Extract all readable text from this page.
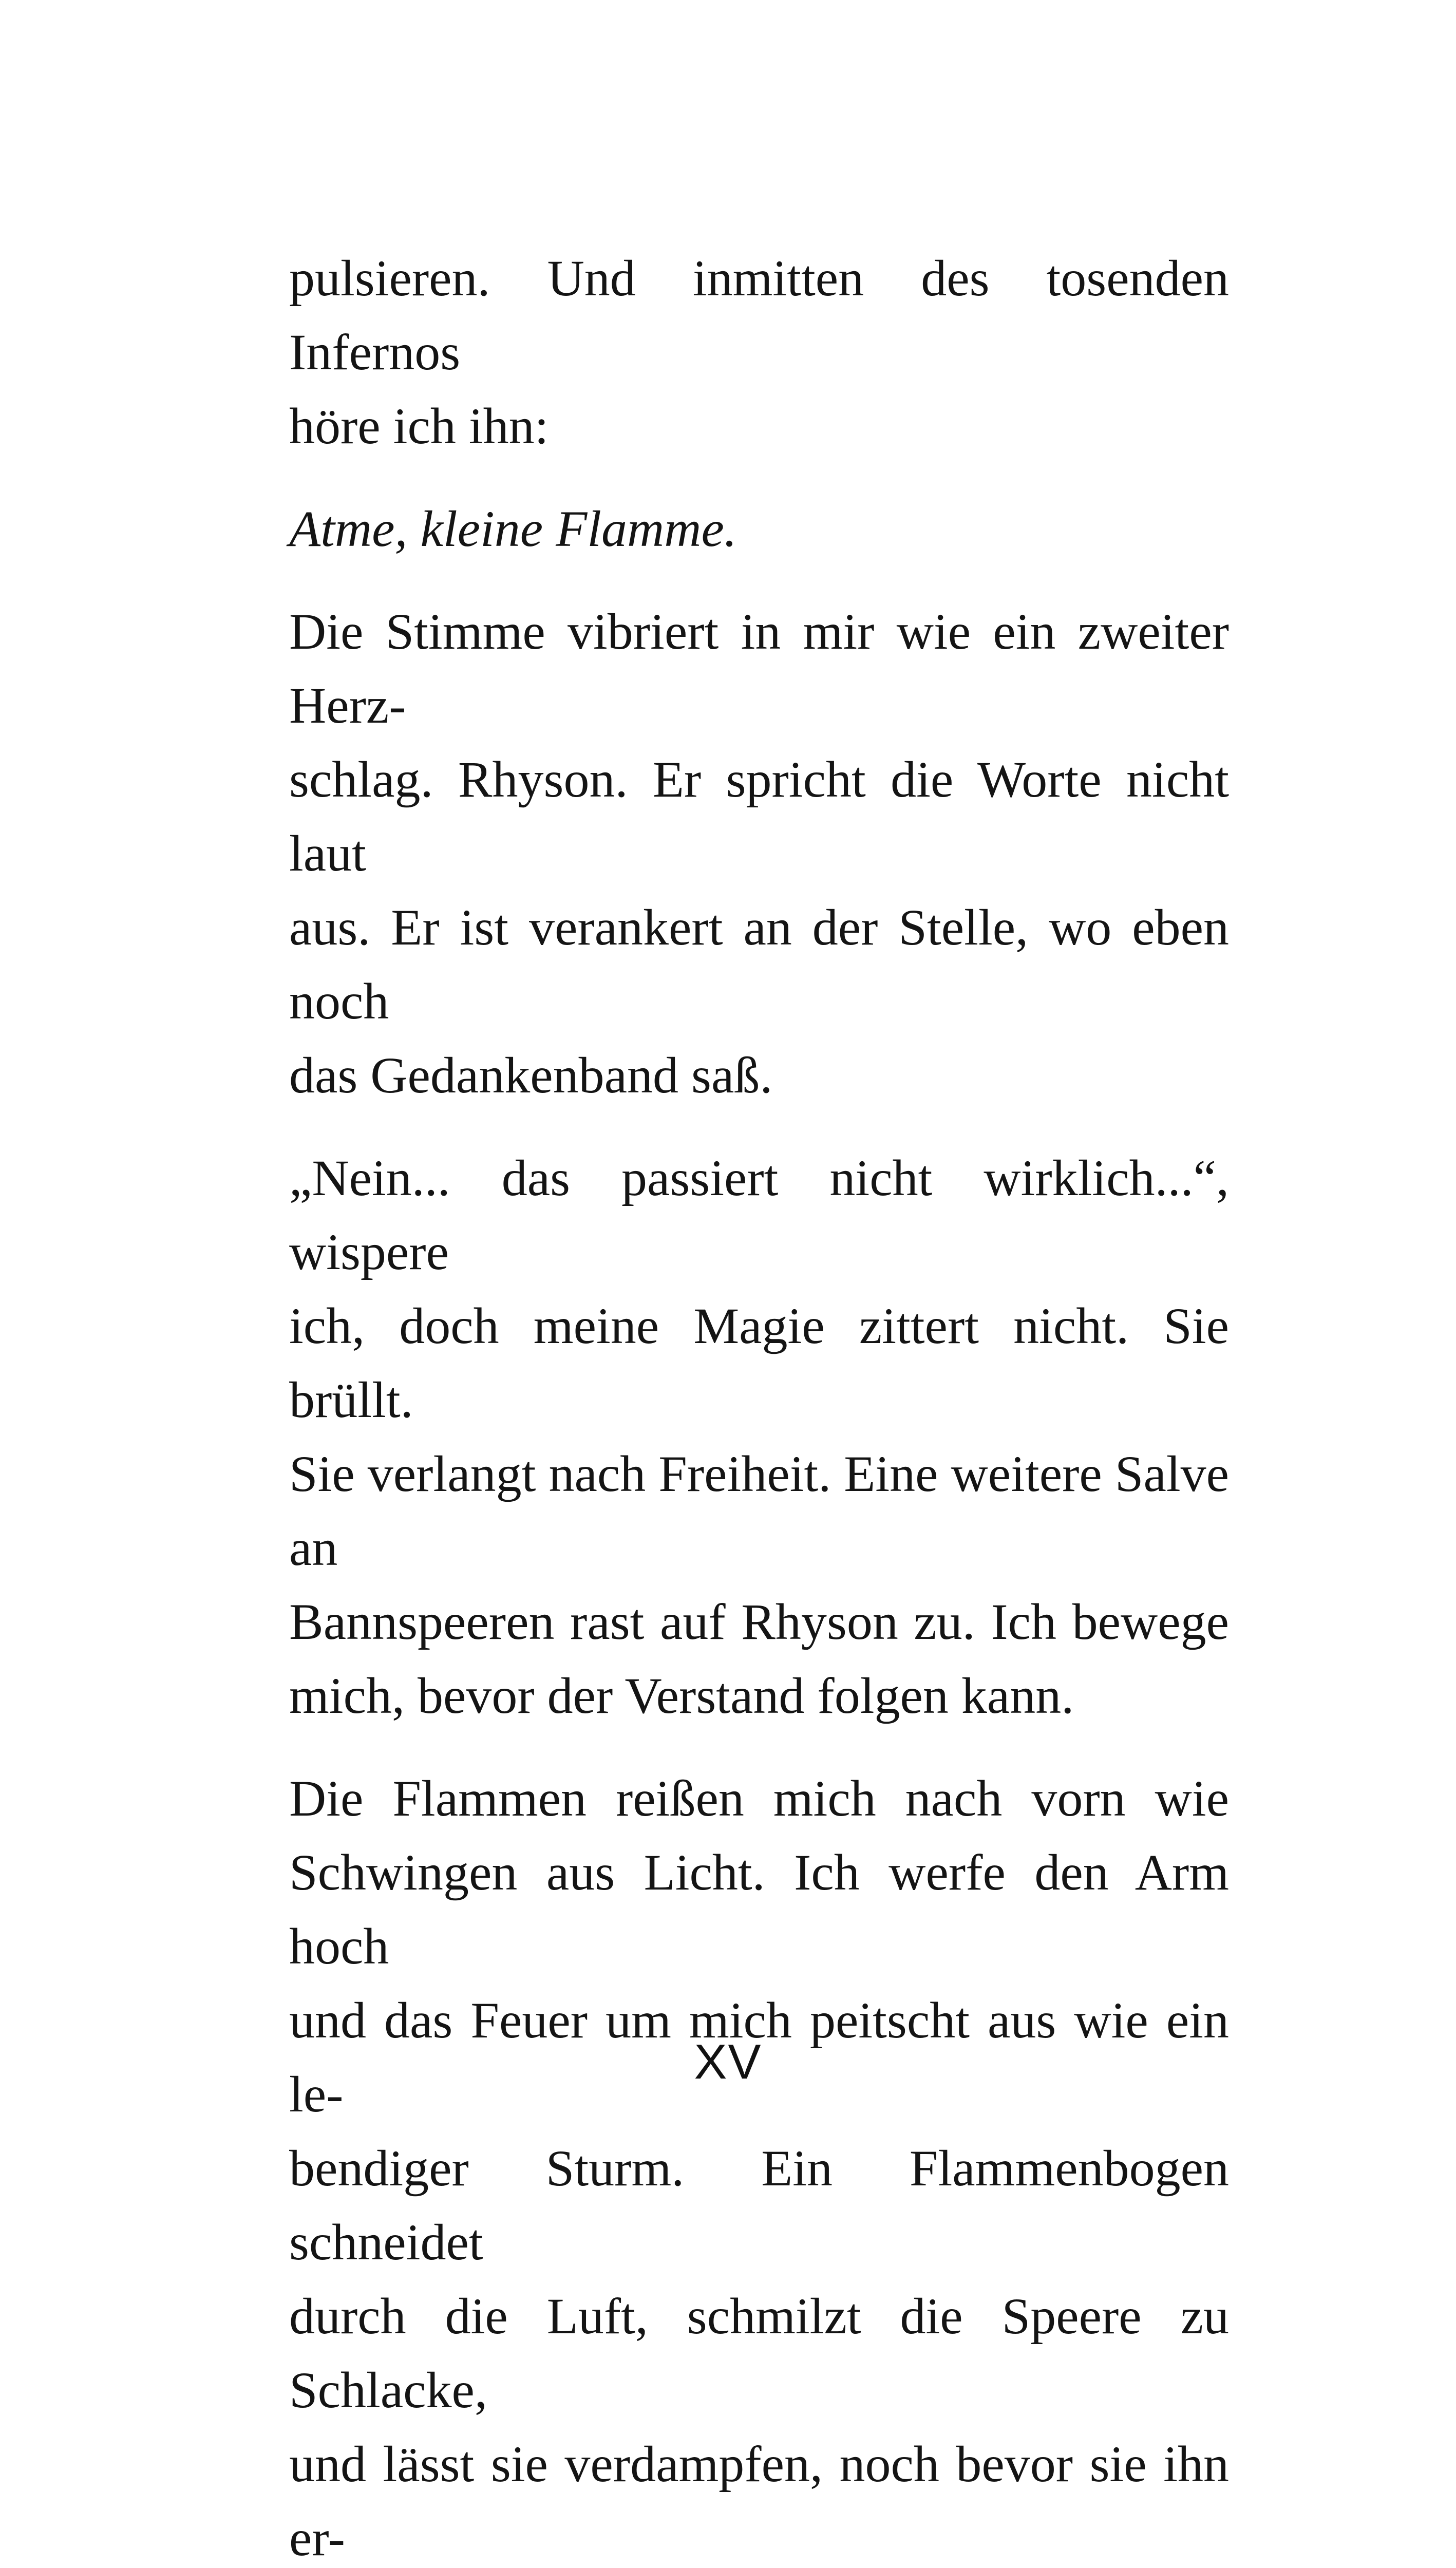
pulsieren. Und inmitten des tosenden Infernos
höre ich ihn:

Atme, kleine Flamme.

Die Stimme vibriert in mir wie ein zweiter Herz-
schlag. Rhyson. Er spricht die Worte nicht laut
aus. Er ist verankert an der Stelle, wo eben noch
das Gedankenband saß.

„Nein... das passiert nicht wirklich...“, wispere
ich, doch meine Magie zittert nicht. Sie brüllt.
Sie verlangt nach Freiheit. Eine weitere Salve an
Bannspeeren rast auf Rhyson zu. Ich bewege
mich, bevor der Verstand folgen kann.

Die Flammen reißen mich nach vorn wie
Schwingen aus Licht. Ich werfe den Arm hoch
und das Feuer um mich peitscht aus wie ein le-
bendiger Sturm. Ein Flammenbogen schneidet
durch die Luft, schmilzt die Speere zu Schlacke,
und lässt sie verdampfen, noch bevor sie ihn er-

XV
